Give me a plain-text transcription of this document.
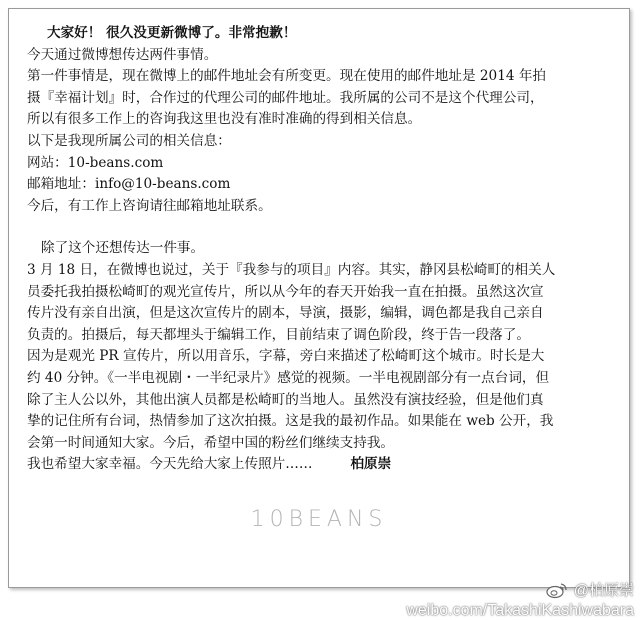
大家好！ 很久没更新微博了。非常抱歉！

今天通过微博想传达两件事情。

第一件事情是，现在微博上的邮件地址会有所变更。现在使用的邮件地址是 2014 年拍

摄『幸福计划』时，合作过的代理公司的邮件地址。我所属的公司不是这个代理公司，

所以有很多工作上的咨询我这里也没有准时准确的得到相关信息。

以下是我现所属公司的相关信息：

网站：10-beans.com

邮箱地址：info@10-beans.com

今后，有工作上咨询请往邮箱地址联系。

除了这个还想传达一件事。

3 月 18 日，在微博也说过，关于『我参与的项目』内容。其实，静冈县松崎町的相关人

员委托我拍摄松崎町的观光宣传片，所以从今年的春天开始我一直在拍摄。虽然这次宣

传片没有亲自出演，但是这次宣传片的剧本，导演，摄影，编辑，调色都是我自己亲自

负责的。拍摄后，每天都埋头于编辑工作，目前结束了调色阶段，终于告一段落了。

因为是观光 PR 宣传片，所以用音乐，字幕，旁白来描述了松崎町这个城市。时长是大

约 40 分钟。《一半电视剧・一半纪录片》感觉的视频。一半电视剧部分有一点台词，但

除了主人公以外，其他出演人员都是松崎町的当地人。虽然没有演技经验，但是他们真

挚的记住所有台词，热情参加了这次拍摄。这是我的最初作品。如果能在 web 公开，我

会第一时间通知大家。今后，希望中国的粉丝们继续支持我。

我也希望大家幸福。今天先给大家上传照片……	柏原崇
10BEANS
@柏原崇
weibo.com/TakashiKashiwabara
